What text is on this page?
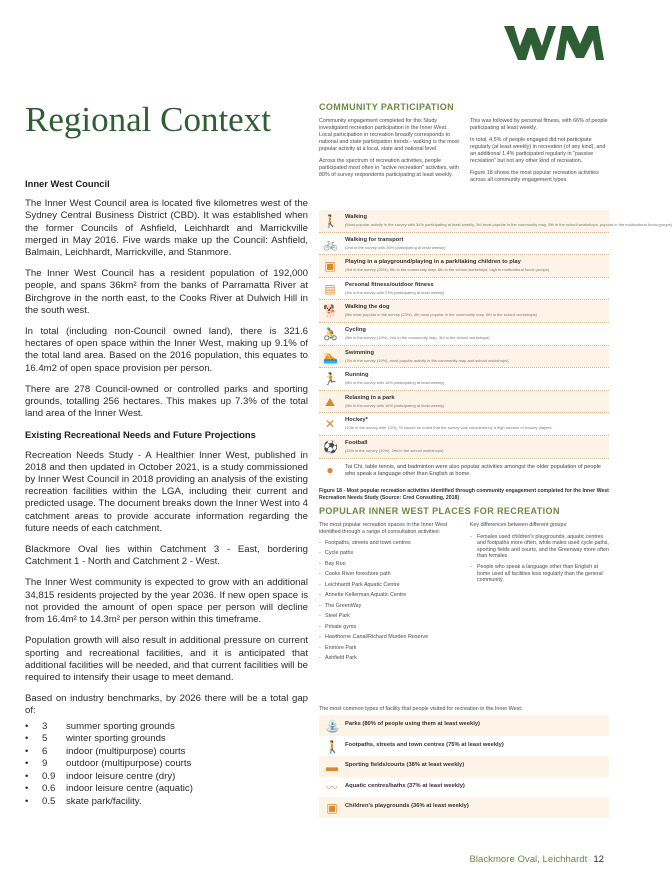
Regional Context
Inner West Council

The Inner West Council area is located five kilometres west of the Sydney Central Business District (CBD). It was established when the former Councils of Ashfield, Leichhardt and Marrickville merged in May 2016. Five wards make up the Council: Ashfield, Balmain, Leichhardt, Marrickville, and Stanmore.

The Inner West Council has a resident population of 192,000 people, and spans 36km² from the banks of Parramatta River at Birchgrove in the north east, to the Cooks River at Dulwich Hill in the south west.

In total (including non-Council owned land), there is 321.6 hectares of open space within the Inner West, making up 9.1% of the total land area. Based on the 2016 population, this equates to 16.4m2 of open space provision per person.

There are 278 Council-owned or controlled parks and sporting grounds, totalling 256 hectares. This makes up 7.3% of the total land area of the Inner West.

Existing Recreational Needs and Future Projections

Recreation Needs Study - A Healthier Inner West, published in 2018 and then updated in October 2021, is a study commissioned by Inner West Council in 2018 providing an analysis of the existing recreation facilities within the LGA, including their current and predicted usage. The document breaks down the Inner West into 4 catchment areas to provide accurate information regarding the future needs of each catchment.

Blackmore Oval lies within Catchment 3 - East, bordering Catchment 1 - North and Catchment 2 - West.

The Inner West community is expected to grow with an additional 34,815 residents projected by the year 2036. If new open space is not provided the amount of open space per person will decline from 16.4m² to 14.3m² per person within this timeframe.

Population growth will also result in additional pressure on current sporting and recreational facilities, and it is anticipated that additional facilities will be needed, and that current facilities will be required to intensify their usage to meet demand.

Based on industry benchmarks, by 2026 there will be a total gap of:

•	3	summer sporting grounds
•	5	winter sporting grounds
•	6	indoor (multipurpose) courts
•	9	outdoor (multipurpose) courts
•	0.9	indoor leisure centre (dry)
•	0.6	indoor leisure centre (aquatic)
•	0.5	skate park/facility.
COMMUNITY PARTICIPATION

Community engagement completed for this Study investigated recreation participation in the Inner West. Local participation in recreation broadly corresponds to national and state participation trends - walking is the most popular activity at a local, state and national level.

Across the spectrum of recreation activities, people participated most often in "active recreation" activities, with 80% of survey respondents participating at least weekly.

This was followed by personal fitness, with 66% of people participating at least weekly.

In total, 4.5% of people engaged did not participate regularly (at least weekly) in recreation (of any kind), and an additional 1.4% participated regularly in "passive recreation" but not any other kind of recreation.

Figure 18 shows the most popular recreation activities across all community engagement types.

🚶 Walking
(Most popular activity in the survey with 34% participating at least weekly, 3rd most popular in the community map, 5th in the school workshops, popular in the multicultural focus groups)
🚲 Walking for transport
(2nd in the survey with 26% participating at least weekly)
▣ Playing in a playground/playing in a park/taking children to play
(3rd in the survey (20%), 5th in the community map, 8th in the school workshops, high in multicultural focus groups)
▤ Personal fitness/outdoor fitness
(4th in the survey with 23% participating at least weekly)
🐕 Walking the dog
(5th most popular in the survey (23%), 4th most popular in the community map, 6th in the school workshops)
🚴 Cycling
(6th in the survey (19%), 2nd in the community map, 3rd in the school workshops)
🏊 Swimming
(7th in the survey (19%), most popular activity in the community map and school workshops)
🏃 Running
(8th in the survey with 18% participating at least weekly)
⛰	Relaxing in a park
(9th in the survey with 16% participating at least weekly)
✕	Hockey*
(10th in the survey with 13%). *It should be noted that the survey was completed by a high number of hockey players.
⚽ Football
(11th in the survey (10%), 2nd in the school workshops)
●	Tai Chi, table tennis, and badminton were also popular activities amongst the older population of people who speak a language other than English at home.
Figure 18 - Most popular recreation activities identified through community engagement completed for the Inner West Recreation Needs Study (Source: Cred Consulting, 2018)
POPULAR INNER WEST PLACES FOR RECREATION
The most popular recreation spaces in the Inner West identified through a range of consultation activities:
- Footpaths, streets and town centres
- Cycle paths
- Bay Run
- Cooks River foreshore path
- Leichhardt Park Aquatic Centre
- Annette Kellerman Aquatic Centre
- The GreenWay
- Steel Park
- Private gyms
- Hawthorne Canal/Richard Murden Reserve
- Enmore Park
- Ashfield Park
Key differences between different groups:
- Females used children's playgrounds, aquatic centres and footpaths more often, while males used cycle paths, sporting fields and courts, and the Greenway more often than females
- People who speak a language other than English at home used all facilities less regularly than the general community.
The most common types of facility that people visited for recreation in the Inner West:
⛲ Parks (80% of people using them at least weekly)
🚶 Footpaths, streets and town centres (75% at least weekly)
▬ Sporting fields/courts (38% at least weekly)
〰 Aquatic centres/baths (37% at least weekly)
▣ Children's playgrounds (36% at least weekly)
Blackmore Oval, Leichhardt 12
